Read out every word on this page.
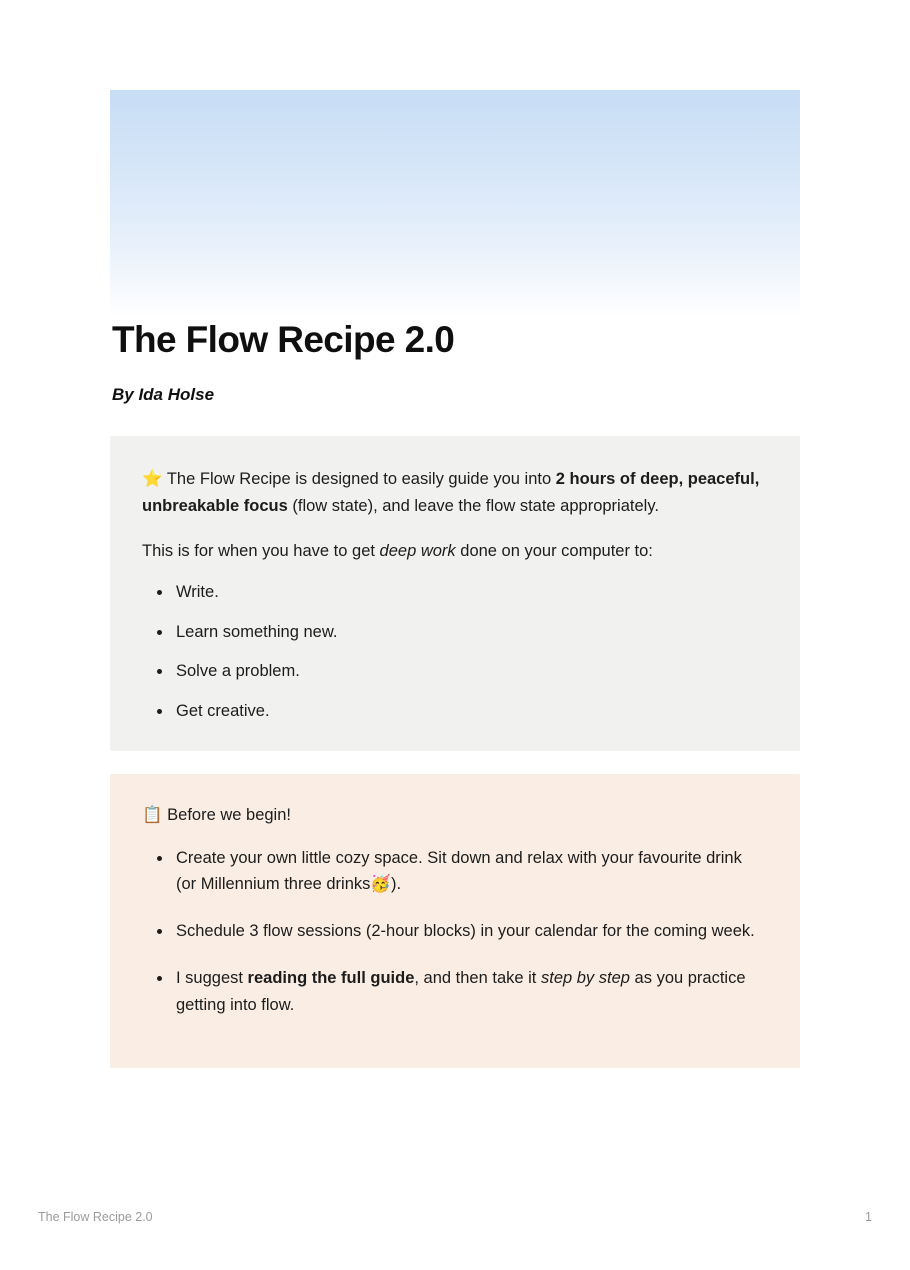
The Flow Recipe 2.0
By Ida Holse

⭐ The Flow Recipe is designed to easily guide you into 2 hours of deep, peaceful, unbreakable focus (flow state), and leave the flow state appropriately.

This is for when you have to get deep work done on your computer to:

Write.
Learn something new.
Solve a problem.
Get creative.

📋 Before we begin!

Create your own little cozy space. Sit down and relax with your favourite drink (or Millennium three drinks🥳).
Schedule 3 flow sessions (2-hour blocks) in your calendar for the coming week.
I suggest reading the full guide, and then take it step by step as you practice getting into flow.
The Flow Recipe 2.0	1
